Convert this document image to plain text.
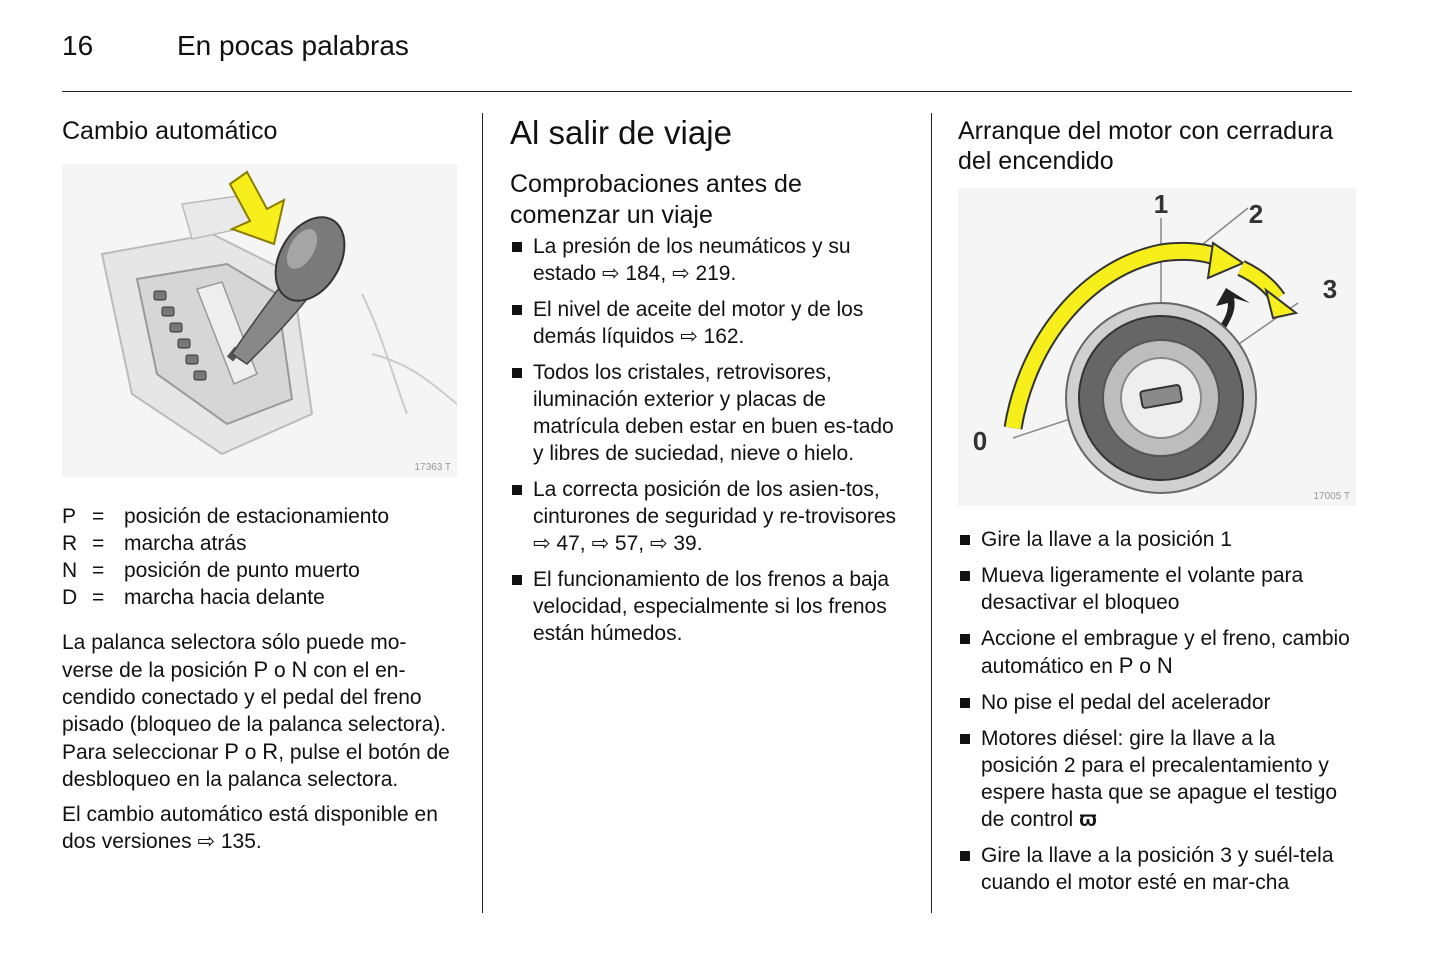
16	En pocas palabras
Cambio automático
17363 T
P = posición de estacionamiento
R = marcha atrás
N = posición de punto muerto
D = marcha hacia delante

La palanca selectora sólo puede mo-verse de la posición P o N con el en-cendido conectado y el pedal del freno pisado (bloqueo de la palanca selectora). Para seleccionar P o R, pulse el botón de desbloqueo en la palanca selectora.

El cambio automático está disponible en dos versiones ⇨ 135.

Al salir de viaje
Comprobaciones antes de comenzar un viaje
La presión de los neumáticos y su estado ⇨ 184, ⇨ 219.
El nivel de aceite del motor y de los demás líquidos ⇨ 162.
Todos los cristales, retrovisores, iluminación exterior y placas de matrícula deben estar en buen es-tado y libres de suciedad, nieve o hielo.
La correcta posición de los asien-tos, cinturones de seguridad y re-trovisores ⇨ 47, ⇨ 57, ⇨ 39.
El funcionamiento de los frenos a baja velocidad, especialmente si los frenos están húmedos.
Arranque del motor con cerradura del encendido
1	2
3
0
17005 T
Gire la llave a la posición 1
Mueva ligeramente el volante para desactivar el bloqueo
Accione el embrague y el freno, cambio automático en P o N
No pise el pedal del acelerador
Motores diésel: gire la llave a la posición 2 para el precalentamiento y espere hasta que se apague el testigo de control ϖ
Gire la llave a la posición 3 y suél-tela cuando el motor esté en mar-cha
